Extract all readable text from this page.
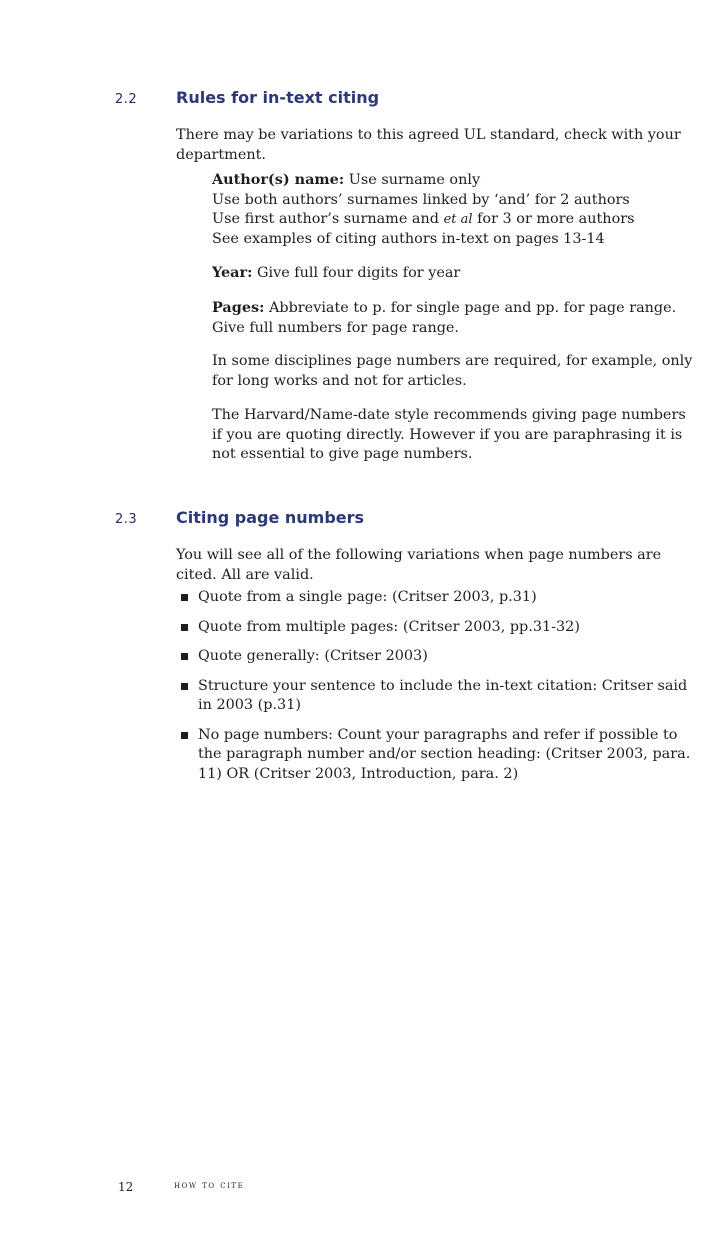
2.2 Rules for in-text citing
There may be variations to this agreed UL standard, check with your
department.
Author(s) name: Use surname only
Use both authors’ surnames linked by ‘and’ for 2 authors
Use first author’s surname and et al for 3 or more authors
See examples of citing authors in-text on pages 13-14
Year: Give full four digits for year
Pages: Abbreviate to p. for single page and pp. for page range.
Give full numbers for page range.
In some disciplines page numbers are required, for example, only
for long works and not for articles.
The Harvard/Name-date style recommends giving page numbers
if you are quoting directly. However if you are paraphrasing it is
not essential to give page numbers.
2.3 Citing page numbers
You will see all of the following variations when page numbers are
cited. All are valid.
Quote from a single page: (Critser 2003, p.31)
Quote from multiple pages: (Critser 2003, pp.31-32)
Quote generally: (Critser 2003)
Structure your sentence to include the in-text citation: Critser said
in 2003 (p.31)
No page numbers: Count your paragraphs and refer if possible to
the paragraph number and/or section heading: (Critser 2003, para.
11) OR (Critser 2003, Introduction, para. 2)
12	how to cite
